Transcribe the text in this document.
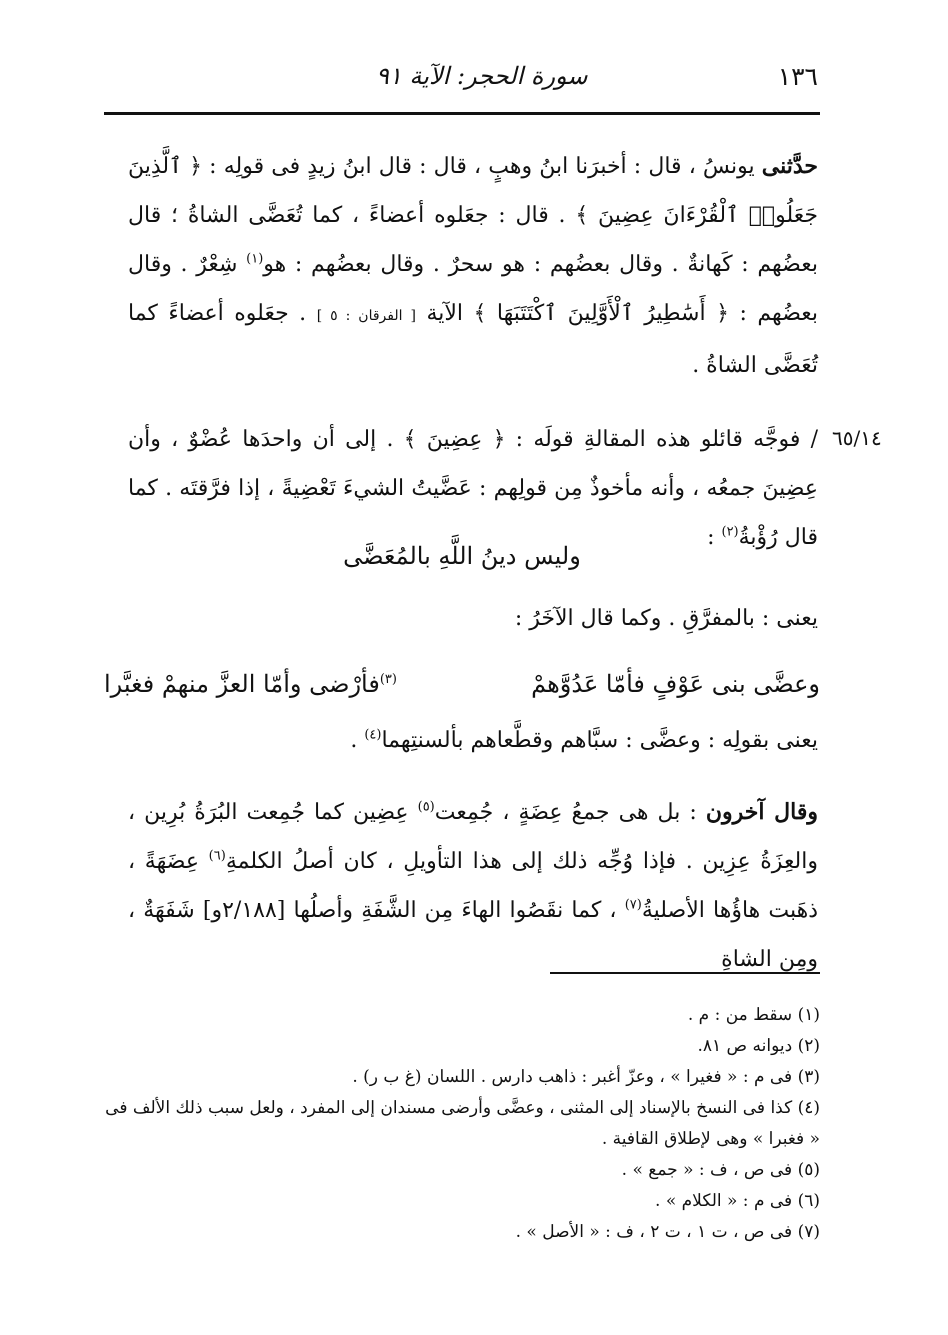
١٣٦
سورة الحجر: الآية ٩١

حدَّثنى يونسُ ، قال : أخبرَنا ابنُ وهبٍ ، قال : قال ابنُ زيدٍ فى قولِه : ﴿ ٱلَّذِينَ جَعَلُوا۟ ٱلْقُرْءَانَ عِضِينَ ﴾ . قال : جعَلوه أعضاءً ، كما تُعَضَّى الشاةُ ؛ قال بعضُهم : كَهانةٌ . وقال بعضُهم : هو سحرٌ . وقال بعضُهم : هو$^{(١)}$ شِعْرٌ . وقال بعضُهم : ﴿ أَسَٰطِيرُ ٱلْأَوَّلِينَ ٱكْتَتَبَهَا ﴾ الآية [ الفرقان : ٥ ] . جعَلوه أعضاءً كما تُعَضَّى الشاةُ .

٦٥/١٤

/ فوجَّه قائلو هذه المقالةِ قولَه : ﴿ عِضِينَ ﴾ . إلى أن واحدَها عُضْوٌ ، وأن عِضِينَ جمعُه ، وأنه مأخوذٌ مِن قولِهم : عَضَّيتُ الشيءَ تَعْضِيةً ، إذا فرَّقتَه . كما قال رُؤْبةُ$^{(٢)}$ :

وليس دينُ اللَّهِ بالمُعَضَّى
يعنى : بالمفرَّقِ . وكما قال الآخَرُ :
وعضَّى بنى عَوْفٍ فأمّا عَدُوَّهمْ
$^{(٣)}$فأرْضى وأمّا العزَّ منهمْ فغبَّرا
يعنى بقولِه : وعضَّى : سبَّاهم وقطَّعاهم بألسنتِهما$^{(٤)}$ .

وقال آخرون : بل هى جمعُ عِضَةٍ ، جُمِعت$^{(٥)}$ عِضِين كما جُمِعت البُرَةُ بُرِين ، والعِزَةُ عِزِين . فإذا وُجِّه ذلك إلى هذا التأويلِ ، كان أصلُ الكلمةِ$^{(٦)}$ عِضَهَةً ، ذهَبت هاؤُها الأصليةُ$^{(٧)}$ ، كما نقَصُوا الهاءَ مِن الشَّفَةِ وأصلُها [٢/١٨٨و] شَفَهَةٌ ، ومِن الشاةِ

(١) سقط من : م .

(٢) ديوانه ص ٨١.

(٣) فى م : « فغيرا » ، وعزّ أغبر : ذاهب دارس . اللسان (غ ب ر) .

(٤) كذا فى النسخ بالإسناد إلى المثنى ، وعضَّى وأرضى مسندان إلى المفرد ، ولعل سبب ذلك الألف فى « فغبرا » وهى لإطلاق القافية .

(٥) فى ص ، ف : « جمع » .

(٦) فى م : « الكلام » .

(٧) فى ص ، ت ١ ، ت ٢ ، ف : « الأصل » .
